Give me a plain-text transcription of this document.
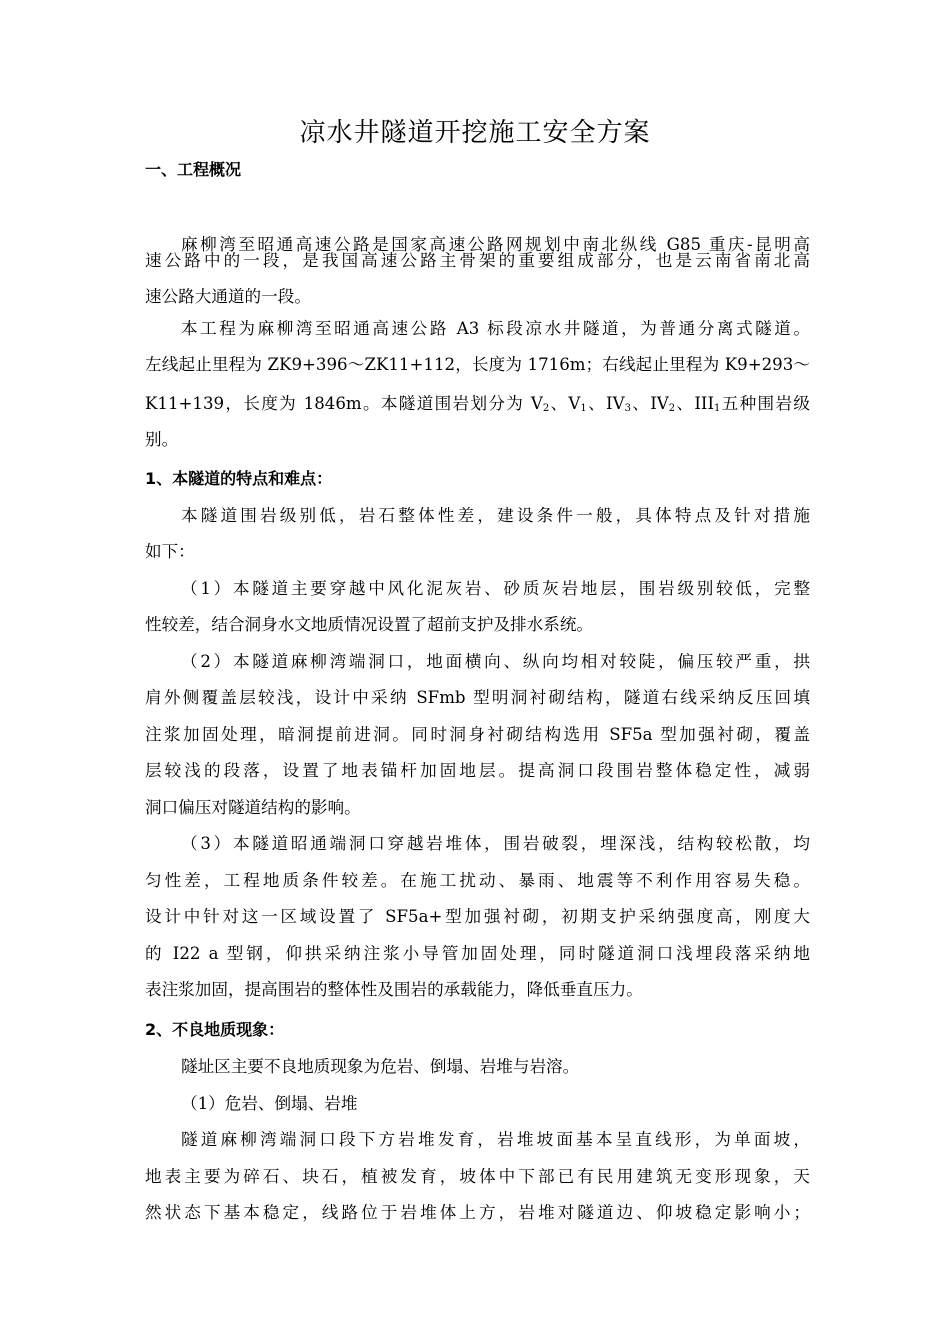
凉水井隧道开挖施工安全方案
一、工程概况
麻柳湾至昭通高速公路是国家高速公路网规划中南北纵线 G85 重庆-昆明高
速公路中的一段，是我国高速公路主骨架的重要组成部分，也是云南省南北高
速公路大通道的一段。
本工程为麻柳湾至昭通高速公路 A3 标段凉水井隧道，为普通分离式隧道。
左线起止里程为 ZK9+396～ZK11+112，长度为 1716m；右线起止里程为 K9+293～
K11+139，长度为 1846m。本隧道围岩划分为 $V_2$、$V_1$、$IV_3$、$IV_2$、$III_1$五种围岩级
别。
1、本隧道的特点和难点：
本隧道围岩级别低，岩石整体性差，建设条件一般，具体特点及针对措施
如下：
（1）本隧道主要穿越中风化泥灰岩、砂质灰岩地层，围岩级别较低，完整
性较差，结合洞身水文地质情况设置了超前支护及排水系统。
（2）本隧道麻柳湾端洞口，地面横向、纵向均相对较陡，偏压较严重，拱
肩外侧覆盖层较浅，设计中采纳 SFmb 型明洞衬砌结构，隧道右线采纳反压回填
注浆加固处理，暗洞提前进洞。同时洞身衬砌结构选用 SF5a 型加强衬砌，覆盖
层较浅的段落，设置了地表锚杆加固地层。提高洞口段围岩整体稳定性，减弱
洞口偏压对隧道结构的影响。
（3）本隧道昭通端洞口穿越岩堆体，围岩破裂，埋深浅，结构较松散，均
匀性差，工程地质条件较差。在施工扰动、暴雨、地震等不利作用容易失稳。
设计中针对这一区域设置了 SF5a+型加强衬砌，初期支护采纳强度高，刚度大
的 I22 a 型钢，仰拱采纳注浆小导管加固处理，同时隧道洞口浅埋段落采纳地
表注浆加固，提高围岩的整体性及围岩的承载能力，降低垂直压力。
2、不良地质现象：
隧址区主要不良地质现象为危岩、倒塌、岩堆与岩溶。
（1）危岩、倒塌、岩堆
隧道麻柳湾端洞口段下方岩堆发育，岩堆坡面基本呈直线形，为单面坡，
地表主要为碎石、块石，植被发育，坡体中下部已有民用建筑无变形现象，天
然状态下基本稳定，线路位于岩堆体上方，岩堆对隧道边、仰坡稳定影响小；
